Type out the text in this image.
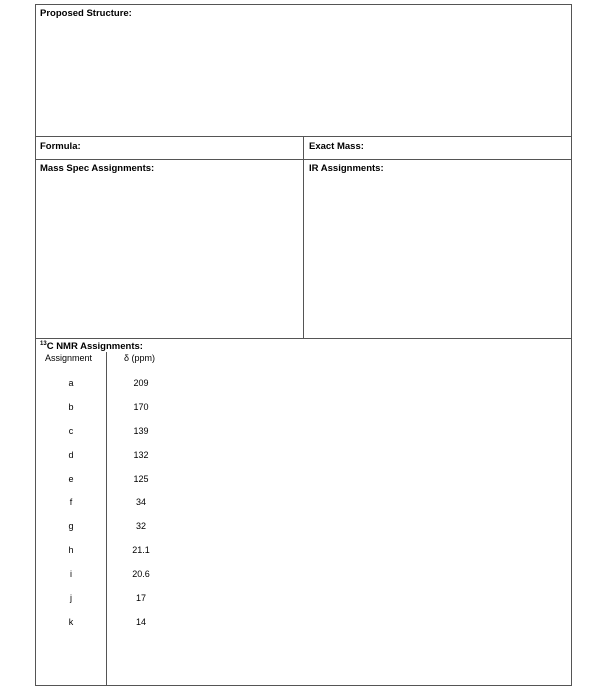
Proposed Structure:
Formula:	Exact Mass:
Mass Spec Assignments:	IR Assignments:
$^{13}$C NMR Assignments:
Assignment	δ (ppm)
a	209
b	170
c	139
d	132
e	125
f	34
g	32
h	21.1
i	20.6
j	17
k	14
